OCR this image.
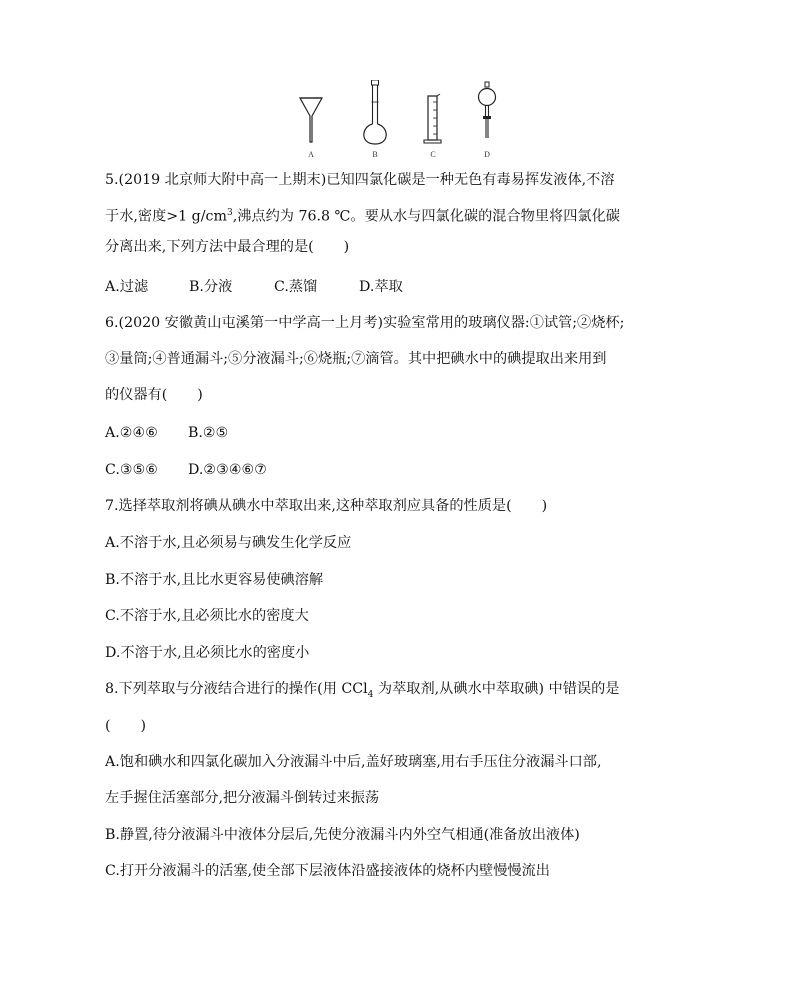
A	B	C	D
5.(2019 北京师大附中高一上期末)已知四氯化碳是一种无色有毒易挥发液体,不溶
于水,密度>1 $g/cm^3$,沸点约为 76.8 ℃。要从水与四氯化碳的混合物里将四氯化碳
分离出来,下列方法中最合理的是( )
A.过滤	B.分液	C.蒸馏	D.萃取
6.(2020 安徽黄山屯溪第一中学高一上月考)实验室常用的玻璃仪器:①试管;②烧杯;
③量筒;④普通漏斗;⑤分液漏斗;⑥烧瓶;⑦滴管。其中把碘水中的碘提取出来用到
的仪器有( )
A.②④⑥ B.②⑤
C.③⑤⑥ D.②③④⑥⑦
7.选择萃取剂将碘从碘水中萃取出来,这种萃取剂应具备的性质是( )
A.不溶于水,且必须易与碘发生化学反应
B.不溶于水,且比水更容易使碘溶解
C.不溶于水,且必须比水的密度大
D.不溶于水,且必须比水的密度小
8.下列萃取与分液结合进行的操作(用 CCl$_4$ 为萃取剂,从碘水中萃取碘) 中错误的是
( )
A.饱和碘水和四氯化碳加入分液漏斗中后,盖好玻璃塞,用右手压住分液漏斗口部,
左手握住活塞部分,把分液漏斗倒转过来振荡
B.静置,待分液漏斗中液体分层后,先使分液漏斗内外空气相通(准备放出液体)
C.打开分液漏斗的活塞,使全部下层液体沿盛接液体的烧杯内壁慢慢流出
